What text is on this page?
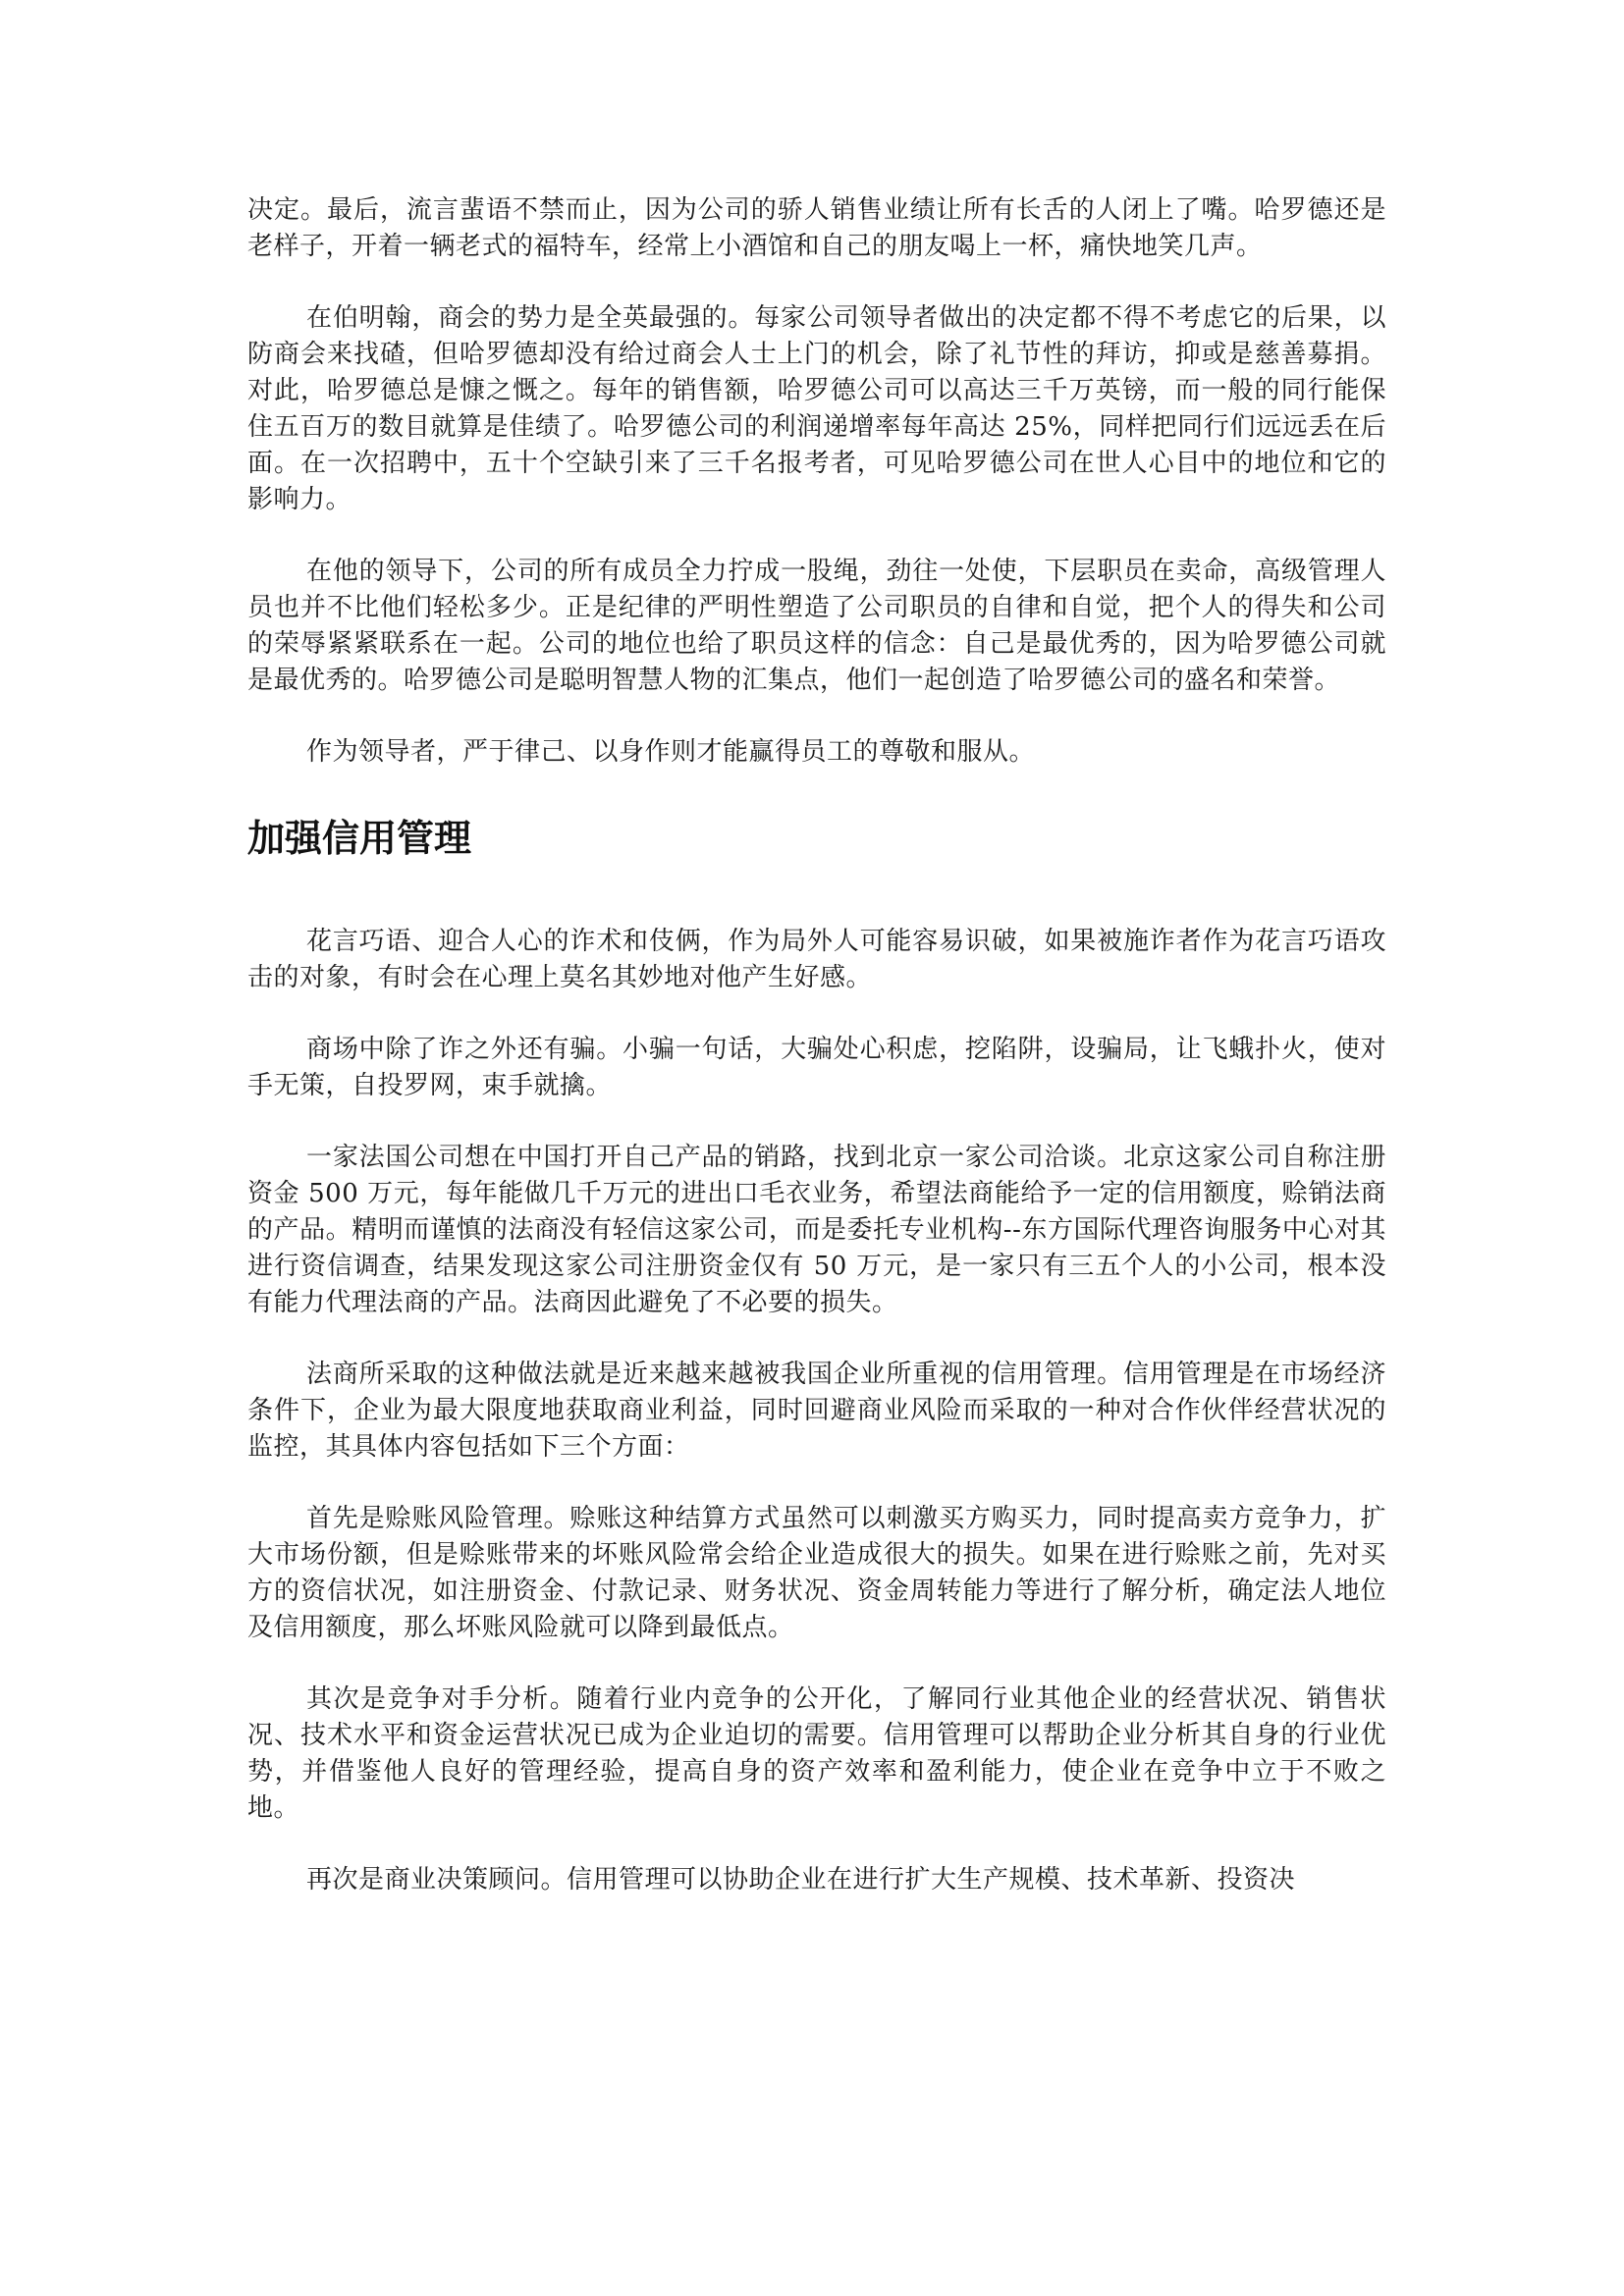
决定。最后，流言蜚语不禁而止，因为公司的骄人销售业绩让所有长舌的人闭上了嘴。哈罗德还是老样子，开着一辆老式的福特车，经常上小酒馆和自己的朋友喝上一杯，痛快地笑几声。

在伯明翰，商会的势力是全英最强的。每家公司领导者做出的决定都不得不考虑它的后果，以防商会来找碴，但哈罗德却没有给过商会人士上门的机会，除了礼节性的拜访，抑或是慈善募捐。对此，哈罗德总是慷之慨之。每年的销售额，哈罗德公司可以高达三千万英镑，而一般的同行能保住五百万的数目就算是佳绩了。哈罗德公司的利润递增率每年高达 25%，同样把同行们远远丢在后面。在一次招聘中，五十个空缺引来了三千名报考者，可见哈罗德公司在世人心目中的地位和它的影响力。

在他的领导下，公司的所有成员全力拧成一股绳，劲往一处使，下层职员在卖命，高级管理人员也并不比他们轻松多少。正是纪律的严明性塑造了公司职员的自律和自觉，把个人的得失和公司的荣辱紧紧联系在一起。公司的地位也给了职员这样的信念：自己是最优秀的，因为哈罗德公司就是最优秀的。哈罗德公司是聪明智慧人物的汇集点，他们一起创造了哈罗德公司的盛名和荣誉。

作为领导者，严于律己、以身作则才能赢得员工的尊敬和服从。

加强信用管理

花言巧语、迎合人心的诈术和伎俩，作为局外人可能容易识破，如果被施诈者作为花言巧语攻击的对象，有时会在心理上莫名其妙地对他产生好感。

商场中除了诈之外还有骗。小骗一句话，大骗处心积虑，挖陷阱，设骗局，让飞蛾扑火，使对手无策，自投罗网，束手就擒。

一家法国公司想在中国打开自己产品的销路，找到北京一家公司洽谈。北京这家公司自称注册资金 500 万元，每年能做几千万元的进出口毛衣业务，希望法商能给予一定的信用额度，赊销法商的产品。精明而谨慎的法商没有轻信这家公司，而是委托专业机构--东方国际代理咨询服务中心对其进行资信调查，结果发现这家公司注册资金仅有 50 万元，是一家只有三五个人的小公司，根本没有能力代理法商的产品。法商因此避免了不必要的损失。

法商所采取的这种做法就是近来越来越被我国企业所重视的信用管理。信用管理是在市场经济条件下，企业为最大限度地获取商业利益，同时回避商业风险而采取的一种对合作伙伴经营状况的监控，其具体内容包括如下三个方面：

首先是赊账风险管理。赊账这种结算方式虽然可以刺激买方购买力，同时提高卖方竞争力，扩大市场份额，但是赊账带来的坏账风险常会给企业造成很大的损失。如果在进行赊账之前，先对买方的资信状况，如注册资金、付款记录、财务状况、资金周转能力等进行了解分析，确定法人地位及信用额度，那么坏账风险就可以降到最低点。

其次是竞争对手分析。随着行业内竞争的公开化，了解同行业其他企业的经营状况、销售状况、技术水平和资金运营状况已成为企业迫切的需要。信用管理可以帮助企业分析其自身的行业优势，并借鉴他人良好的管理经验，提高自身的资产效率和盈利能力，使企业在竞争中立于不败之地。

再次是商业决策顾问。信用管理可以协助企业在进行扩大生产规模、技术革新、投资决
